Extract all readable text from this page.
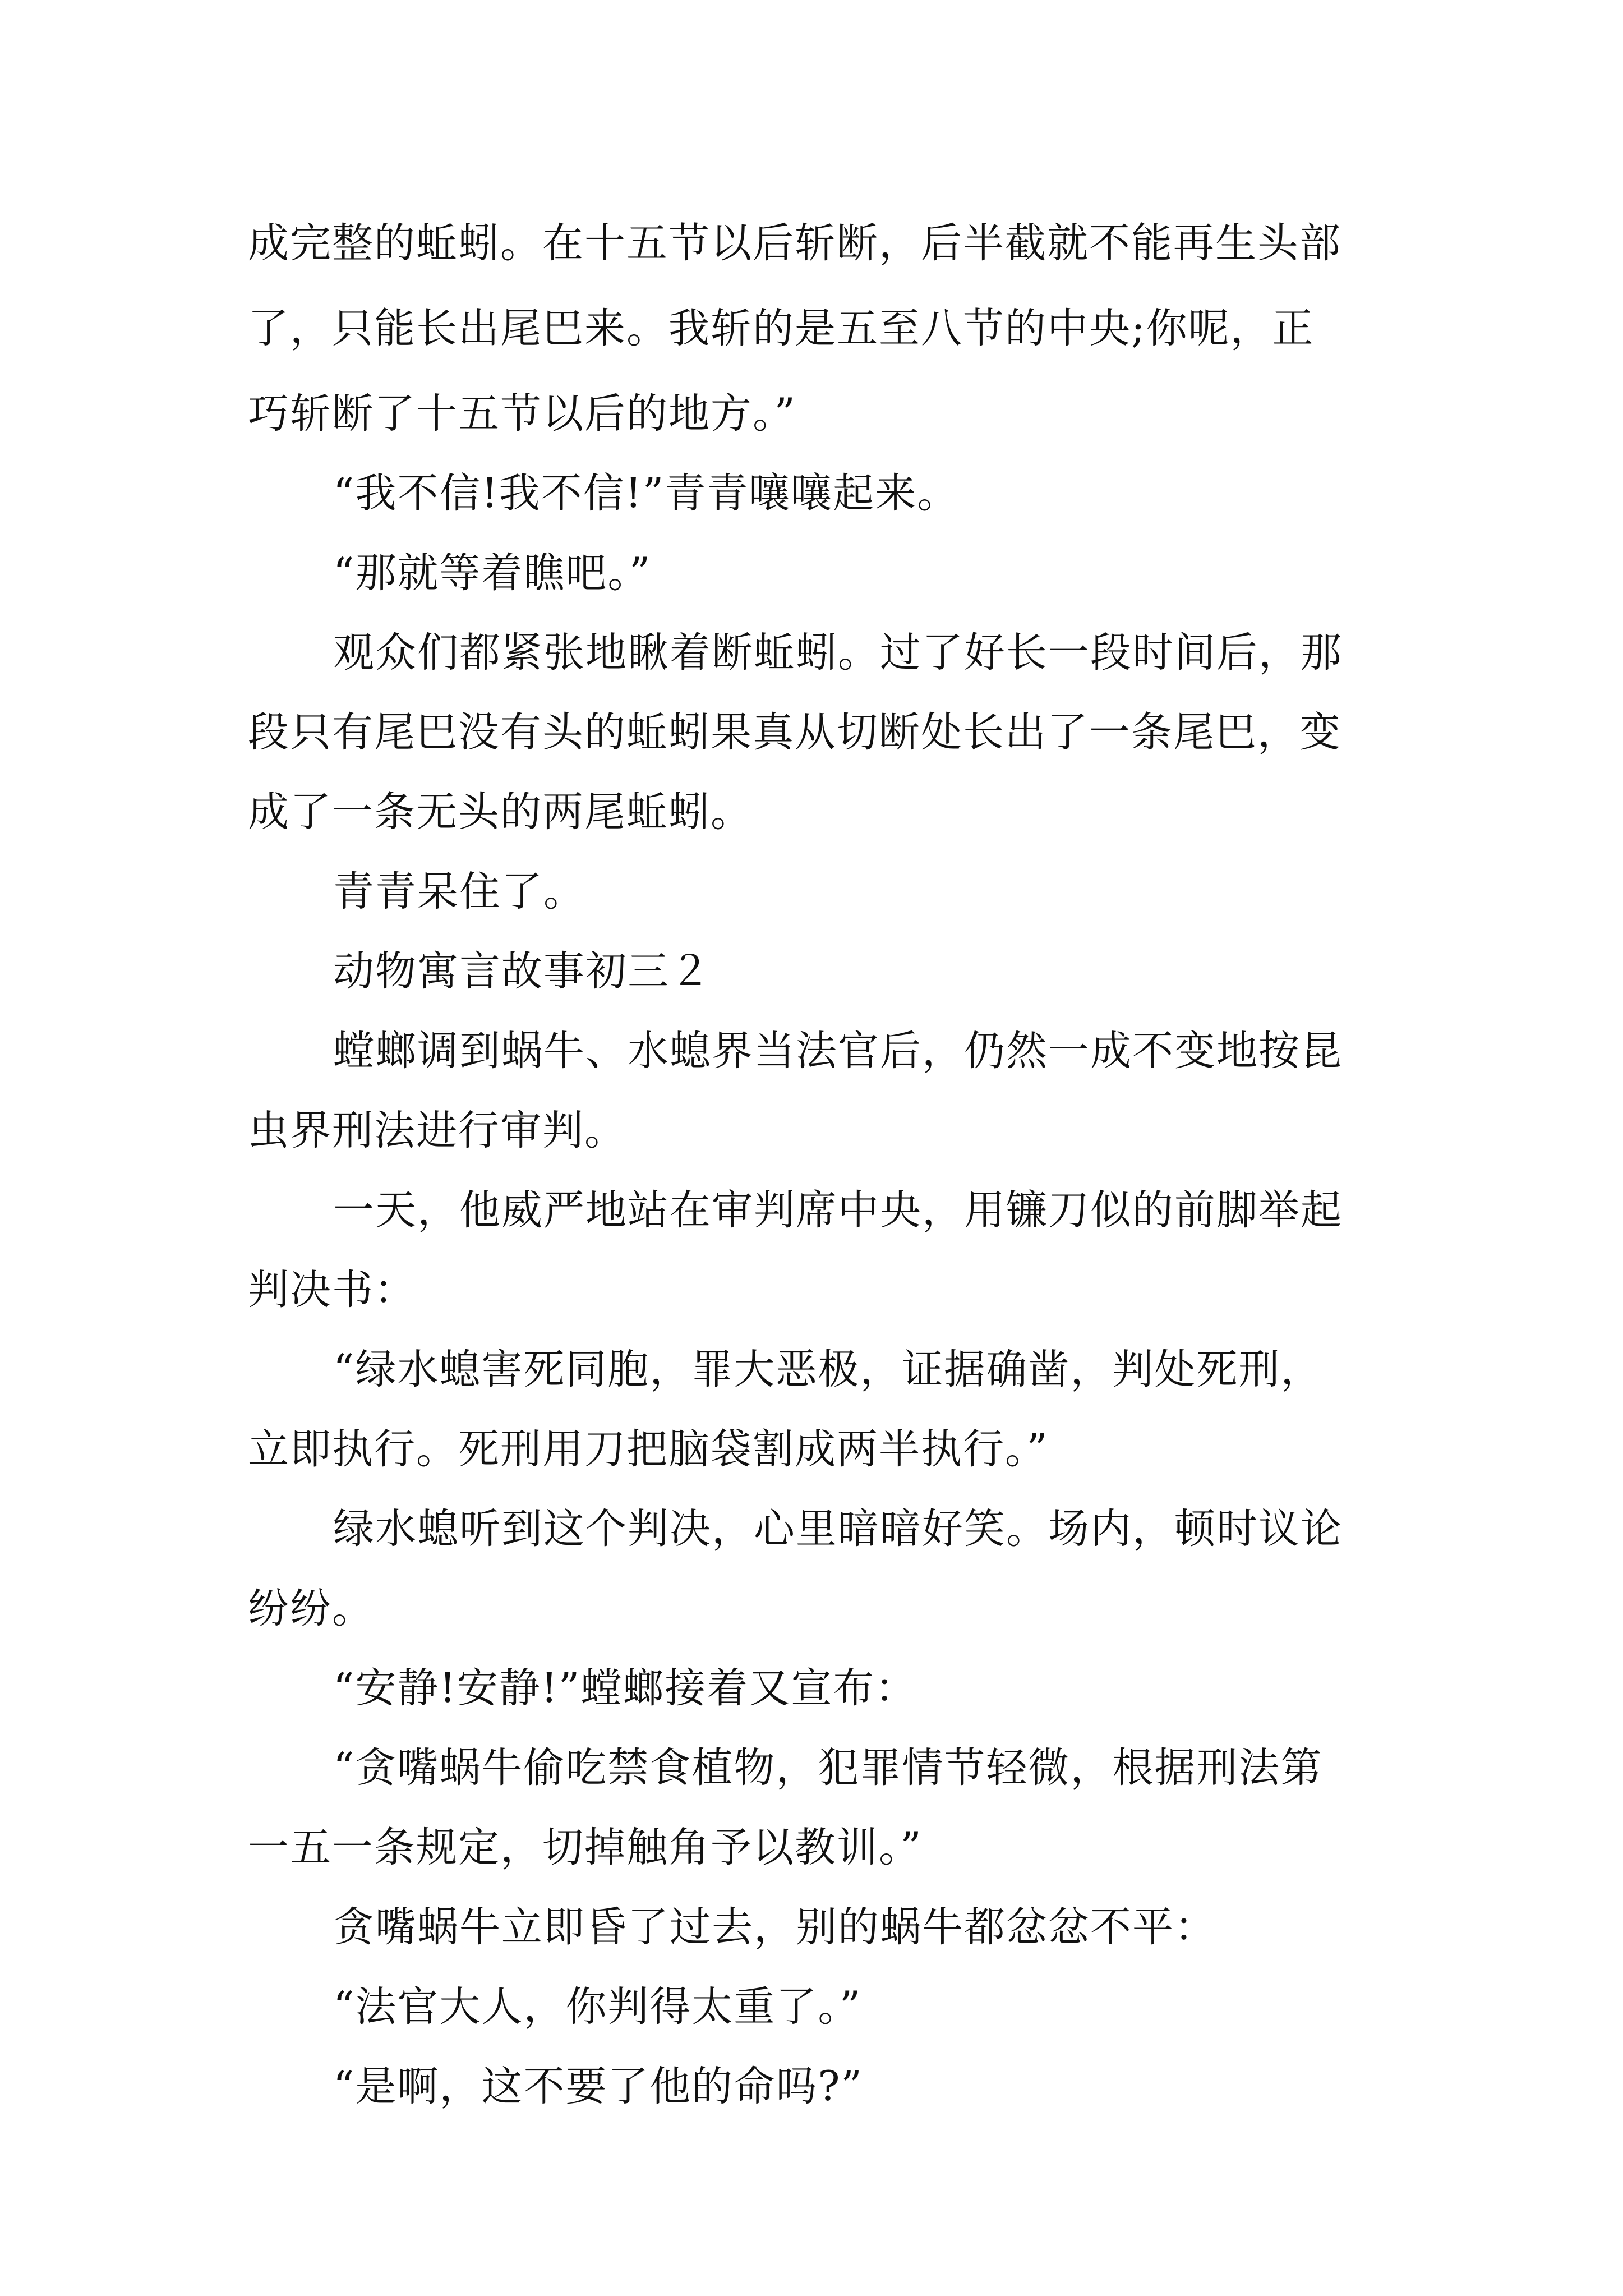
成完整的蚯蚓。在十五节以后斩断，后半截就不能再生头部

了，只能长出尾巴来。我斩的是五至八节的中央;你呢，正

巧斩断了十五节以后的地方。”

“我不信!我不信!”青青嚷嚷起来。

“那就等着瞧吧。”

观众们都紧张地瞅着断蚯蚓。过了好长一段时间后，那

段只有尾巴没有头的蚯蚓果真从切断处长出了一条尾巴，变

成了一条无头的两尾蚯蚓。

青青呆住了。

动物寓言故事初三２

螳螂调到蜗牛、水螅界当法官后，仍然一成不变地按昆

虫界刑法进行审判。

一天，他威严地站在审判席中央，用镰刀似的前脚举起

判决书：

“绿水螅害死同胞，罪大恶极，证据确凿，判处死刑，

立即执行。死刑用刀把脑袋割成两半执行。”

绿水螅听到这个判决，心里暗暗好笑。场内，顿时议论

纷纷。

“安静!安静!”螳螂接着又宣布：

“贪嘴蜗牛偷吃禁食植物，犯罪情节轻微，根据刑法第

一五一条规定，切掉触角予以教训。”

贪嘴蜗牛立即昏了过去，别的蜗牛都忿忿不平：

“法官大人，你判得太重了。”

“是啊，这不要了他的命吗?”
